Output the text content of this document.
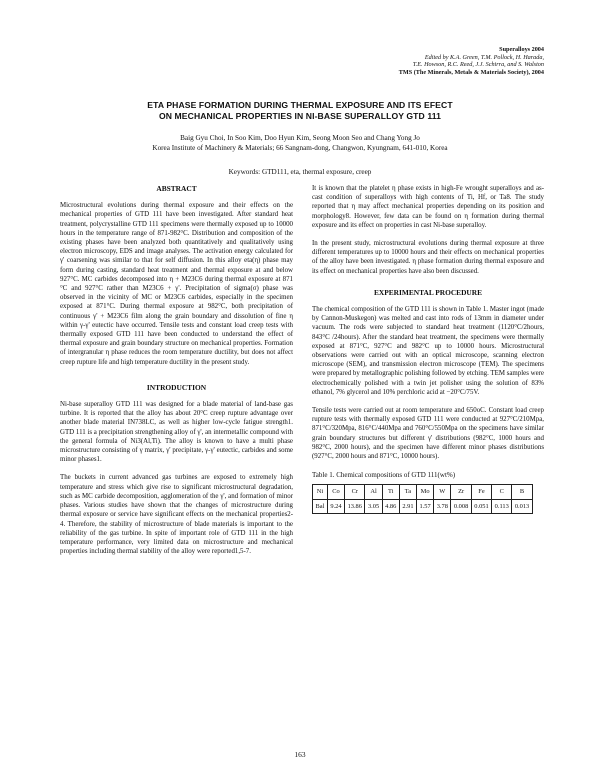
Superalloys 2004
Edited by K.A. Green, T.M. Pollock, H. Harada,
T.E. Howson, R.C. Reed, J.J. Schirra, and S. Walston
TMS (The Minerals, Metals & Materials Society), 2004
ETA PHASE FORMATION DURING THERMAL EXPOSURE AND ITS EFECT
ON MECHANICAL PROPERTIES IN NI-BASE SUPERALLOY GTD 111
Baig Gyu Choi, In Soo Kim, Doo Hyun Kim, Seong Moon Seo and Chang Yong Jo
Korea Institute of Machinery & Materials; 66 Sangnam-dong, Changwon, Kyungnam, 641-010, Korea
Keywords: GTD111, eta, thermal exposure, creep
ABSTRACT

Microstructural evolutions during thermal exposure and their effects on the mechanical properties of GTD 111 have been investigated. After standard heat treatment, polycrystalline GTD 111 specimens were thermally exposed up to 10000 hours in the temperature range of 871-982°C. Distribution and composition of the existing phases have been analyzed both quantitatively and qualitatively using electron microscopy, EDS and image analyses. The activation energy calculated for γ' coarsening was similar to that for self diffusion. In this alloy eta(η) phase may form during casting, standard heat treatment and thermal exposure at and below 927°C. MC carbides decomposed into η + M23C6 during thermal exposure at 871 °C and 927°C rather than M23C6 + γ'. Precipitation of sigma(σ) phase was observed in the vicinity of MC or M23C6 carbides, especially in the specimen exposed at 871°C. During thermal exposure at 982°C, both precipitation of continuous γ' + M23C6 film along the grain boundary and dissolution of fine η within γ-γ' eutectic have occurred. Tensile tests and constant load creep tests with thermally exposed GTD 111 have been conducted to understand the effect of thermal exposure and grain boundary structure on mechanical properties. Formation of intergranular η phase reduces the room temperature ductility, but does not affect creep rupture life and high temperature ductility in the present study.

INTRODUCTION

Ni-base superalloy GTD 111 was designed for a blade material of land-base gas turbine. It is reported that the alloy has about 20°C creep rupture advantage over another blade material IN738LC, as well as higher low-cycle fatigue strength1. GTD 111 is a precipitation strengthening alloy of γ', an intermetallic compound with the general formula of Ni3(Al,Ti). The alloy is known to have a multi phase microstructure consisting of γ matrix, γ' precipitate, γ-γ' eutectic, carbides and some minor phases1.

The buckets in current advanced gas turbines are exposed to extremely high temperature and stress which give rise to significant microstructural degradation, such as MC carbide decomposition, agglomeration of the γ', and formation of minor phases. Various studies have shown that the changes of microstructure during thermal exposure or service have significant effects on the mechanical properties2-4. Therefore, the stability of microstructure of blade materials is important to the reliability of the gas turbine. In spite of important role of GTD 111 in the high temperature performance, very limited data on microstructure and mechanical properties including thermal stability of the alloy were reported1,5-7.

It is known that the platelet η phase exists in high-Fe wrought superalloys and as-cast condition of superalloys with high contents of Ti, Hf, or Ta8. The study reported that η may affect mechanical properties depending on its position and morphology8. However, few data can be found on η formation during thermal exposure and its effect on properties in cast Ni-base superalloy.

In the present study, microstructural evolutions during thermal exposure at three different temperatures up to 10000 hours and their effects on mechanical properties of the alloy have been investigated. η phase formation during thermal exposure and its effect on mechanical properties have also been discussed.

EXPERIMENTAL PROCEDURE

The chemical composition of the GTD 111 is shown in Table 1. Master ingot (made by Cannon-Muskegon) was melted and cast into rods of 13mm in diameter under vacuum. The rods were subjected to standard heat treatment (1120°C/2hours, 843°C /24hours). After the standard heat treatment, the specimens were thermally exposed at 871°C, 927°C and 982°C up to 10000 hours. Microstructural observations were carried out with an optical microscope, scanning electron microscope (SEM), and transmission electron microscope (TEM). The specimens were prepared by metallographic polishing followed by etching. TEM samples were electrochemically polished with a twin jet polisher using the solution of 83% ethanol, 7% glycerol and 10% perchloric acid at −20°C/75V.

Tensile tests were carried out at room temperature and 650oC. Constant load creep rupture tests with thermally exposed GTD 111 were conducted at 927°C/210Mpa, 871°C/320Mpa, 816°C/440Mpa and 760°C/550Mpa on the specimens have similar grain boundary structures but different γ' distributions (982°C, 1000 hours and 982°C, 2000 hours), and the specimen have different minor phases distributions (927°C, 2000 hours and 871°C, 10000 hours).

Table 1. Chemical compositions of GTD 111(wt%)
Ni	Co	Cr	Al	Ti	Ta	Mo	W	Zr	Fe	C	B
Bal	9.24	13.86	3.05	4.86	2.91	1.57	3.78	0.008	0.051	0.113	0.013
163
